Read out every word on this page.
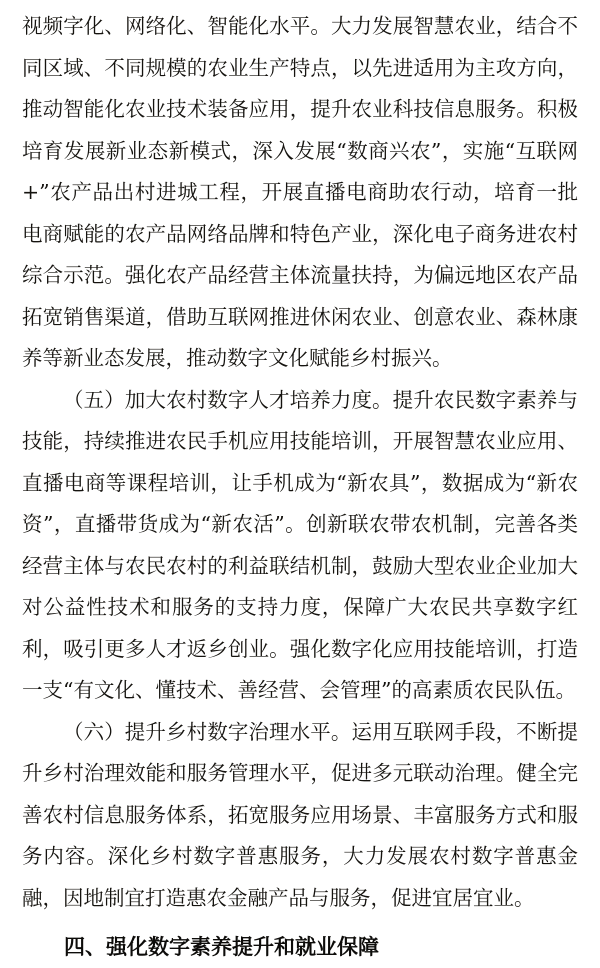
视频字化、网络化、智能化水平。大力发展智慧农业，结合不同区域、不同规模的农业生产特点，以先进适用为主攻方向，推动智能化农业技术装备应用，提升农业科技信息服务。积极培育发展新业态新模式，深入发展“数商兴农”，实施“互联网+”农产品出村进城工程，开展直播电商助农行动，培育一批电商赋能的农产品网络品牌和特色产业，深化电子商务进农村综合示范。强化农产品经营主体流量扶持，为偏远地区农产品拓宽销售渠道，借助互联网推进休闲农业、创意农业、森林康养等新业态发展，推动数字文化赋能乡村振兴。

（五）加大农村数字人才培养力度。提升农民数字素养与技能，持续推进农民手机应用技能培训，开展智慧农业应用、直播电商等课程培训，让手机成为“新农具”，数据成为“新农资”，直播带货成为“新农活”。创新联农带农机制，完善各类经营主体与农民农村的利益联结机制，鼓励大型农业企业加大对公益性技术和服务的支持力度，保障广大农民共享数字红利，吸引更多人才返乡创业。强化数字化应用技能培训，打造一支“有文化、懂技术、善经营、会管理”的高素质农民队伍。

（六）提升乡村数字治理水平。运用互联网手段，不断提升乡村治理效能和服务管理水平，促进多元联动治理。健全完善农村信息服务体系，拓宽服务应用场景、丰富服务方式和服务内容。深化乡村数字普惠服务，大力发展农村数字普惠金融，因地制宜打造惠农金融产品与服务，促进宜居宜业。

四、强化数字素养提升和就业保障
